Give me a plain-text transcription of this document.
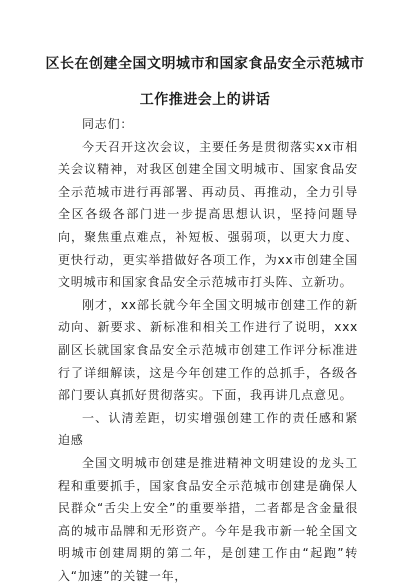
区长在创建全国文明城市和国家食品安全示范城市工作推进会上的讲话

同志们：

今天召开这次会议，主要任务是贯彻落实xx市相关会议精神，对我区创建全国文明城市、国家食品安全示范城市进行再部署、再动员、再推动，全力引导全区各级各部门进一步提高思想认识，坚持问题导向，聚焦重点难点，补短板、强弱项，以更大力度、更快行动，更实举措做好各项工作，为xx市创建全国文明城市和国家食品安全示范城市打头阵、立新功。

刚才，xx部长就今年全国文明城市创建工作的新动向、新要求、新标准和相关工作进行了说明，xxx副区长就国家食品安全示范城市创建工作评分标准进行了详细解读，这是今年创建工作的总抓手，各级各部门要认真抓好贯彻落实。下面，我再讲几点意见。

一、认清差距，切实增强创建工作的责任感和紧迫感

全国文明城市创建是推进精神文明建设的龙头工程和重要抓手，国家食品安全示范城市创建是确保人民群众“舌尖上安全”的重要举措，二者都是含金量很高的城市品牌和无形资产。今年是我市新一轮全国文明城市创建周期的第二年，是创建工作由“起跑”转入“加速”的关键一年，
